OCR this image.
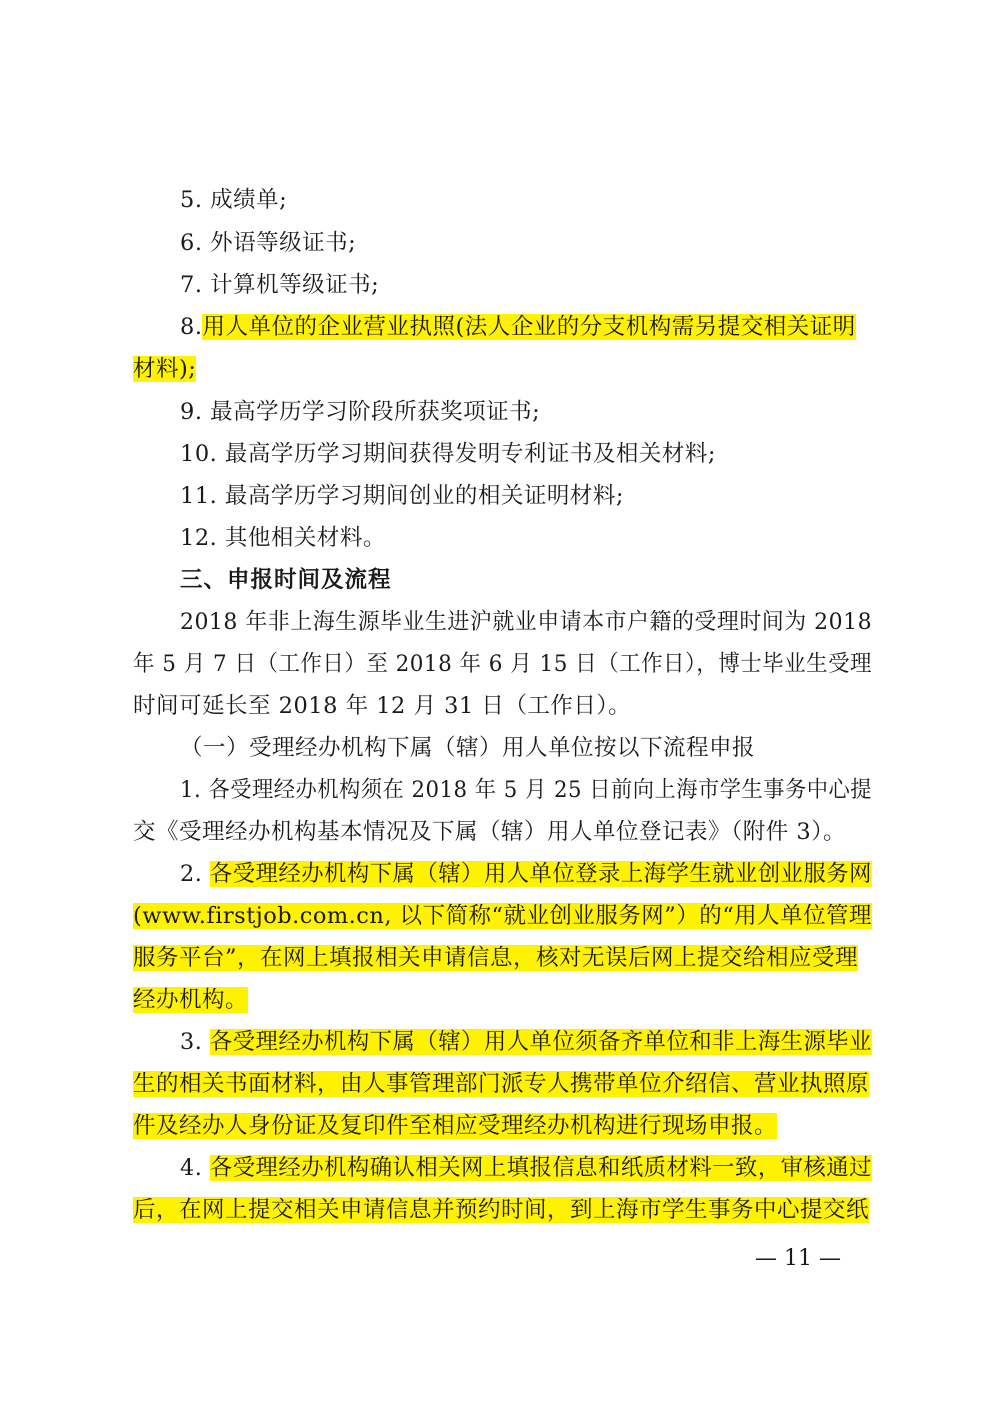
5. 成绩单;
6. 外语等级证书;
7. 计算机等级证书;
8.用人单位的企业营业执照(法人企业的分支机构需另提交相关证明
材料);
9. 最高学历学习阶段所获奖项证书;
10. 最高学历学习期间获得发明专利证书及相关材料;
11. 最高学历学习期间创业的相关证明材料;
12. 其他相关材料。
三、申报时间及流程
2018 年非上海生源毕业生进沪就业申请本市户籍的受理时间为 2018
年 5 月 7 日（工作日）至 2018 年 6 月 15 日（工作日），博士毕业生受理
时间可延长至 2018 年 12 月 31 日（工作日）。
（一）受理经办机构下属（辖）用人单位按以下流程申报
1. 各受理经办机构须在 2018 年 5 月 25 日前向上海市学生事务中心提
交《受理经办机构基本情况及下属（辖）用人单位登记表》（附件 3）。
2. 各受理经办机构下属（辖）用人单位登录上海学生就业创业服务网
(www.firstjob.com.cn, 以下简称“就业创业服务网”）的“用人单位管理
服务平台”，在网上填报相关申请信息，核对无误后网上提交给相应受理
经办机构。
3. 各受理经办机构下属（辖）用人单位须备齐单位和非上海生源毕业
生的相关书面材料，由人事管理部门派专人携带单位介绍信、营业执照原
件及经办人身份证及复印件至相应受理经办机构进行现场申报。
4. 各受理经办机构确认相关网上填报信息和纸质材料一致，审核通过
后，在网上提交相关申请信息并预约时间，到上海市学生事务中心提交纸
— 11 —
